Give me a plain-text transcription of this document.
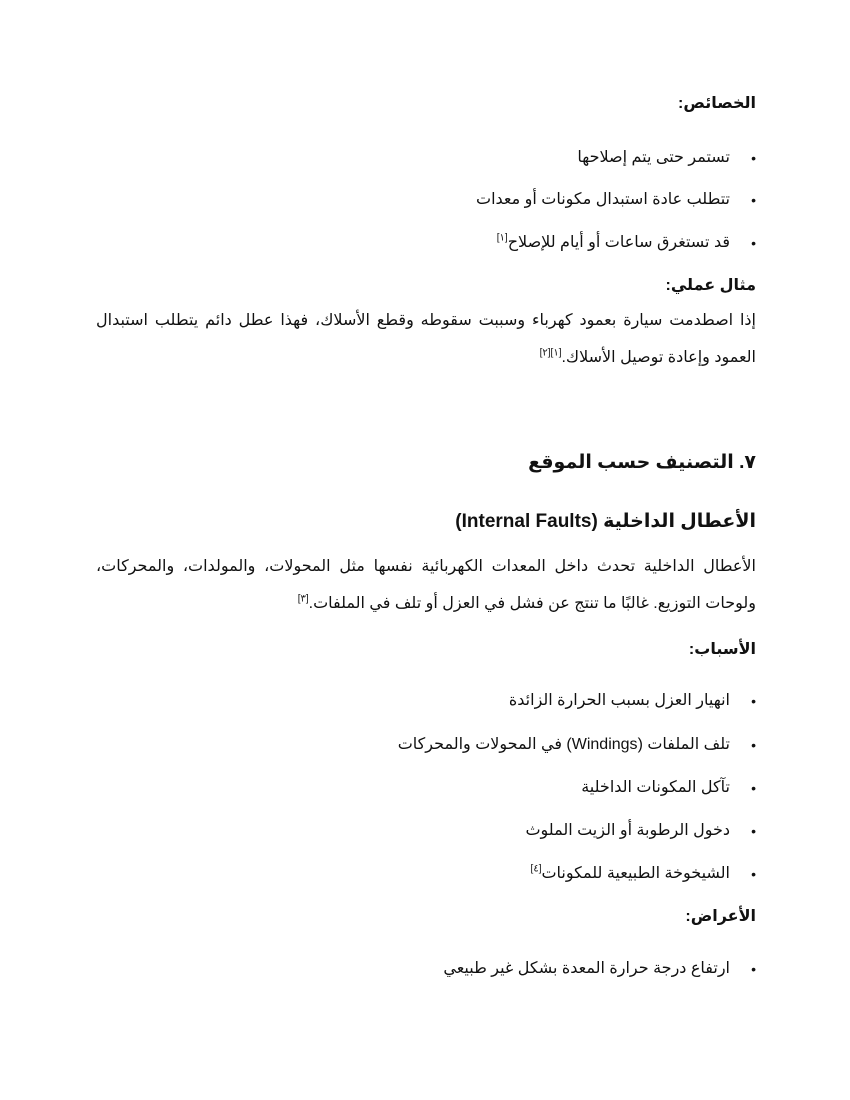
الخصائص:
•
تستمر حتى يتم إصلاحها
•
تتطلب عادة استبدال مكونات أو معدات
•
قد تستغرق ساعات أو أيام للإصلاح[١]
مثال عملي:
إذا اصطدمت سيارة بعمود كهرباء وسببت سقوطه وقطع الأسلاك، فهذا عطل دائم يتطلب استبدال العمود وإعادة توصيل الأسلاك.[١][٢]
٧. التصنيف حسب الموقع
الأعطال الداخلية (Internal Faults)
الأعطال الداخلية تحدث داخل المعدات الكهربائية نفسها مثل المحولات، والمولدات، والمحركات، ولوحات التوزيع. غالبًا ما تنتج عن فشل في العزل أو تلف في الملفات.[٣]
الأسباب:
•
انهيار العزل بسبب الحرارة الزائدة
•
تلف الملفات (Windings) في المحولات والمحركات
•
تآكل المكونات الداخلية
•
دخول الرطوبة أو الزيت الملوث
•
الشيخوخة الطبيعية للمكونات[٤]
الأعراض:
•
ارتفاع درجة حرارة المعدة بشكل غير طبيعي
